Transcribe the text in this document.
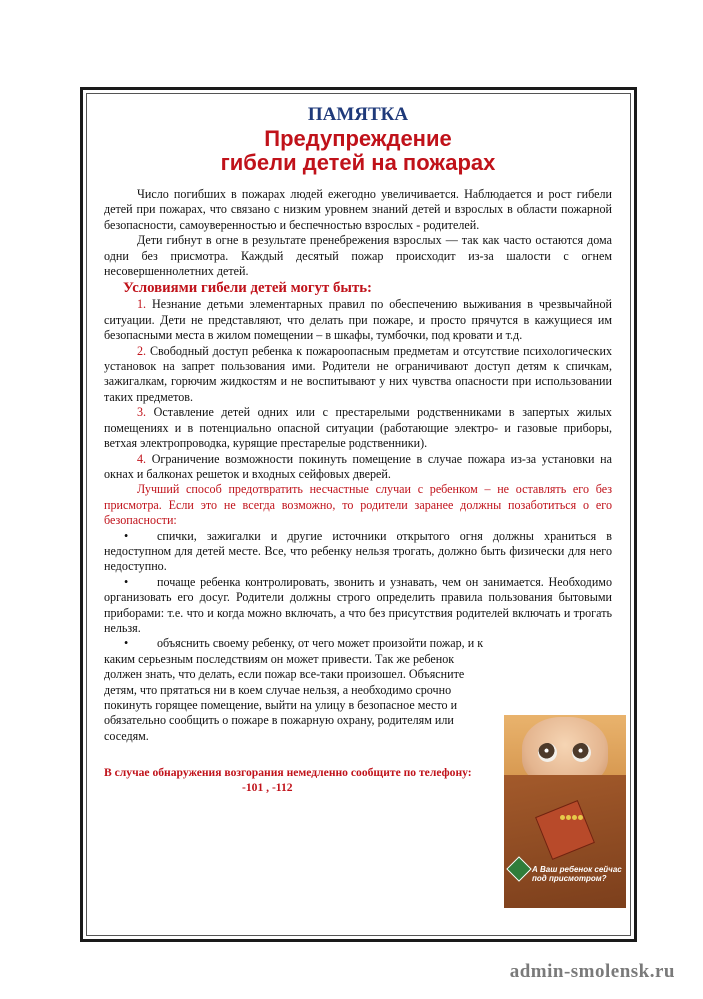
ПАМЯТКА
Предупреждение
гибели детей на пожарах

Число погибших в пожарах людей ежегодно увеличивается. Наблюдается и рост гибели детей при пожарах, что связано с низким уровнем знаний детей и взрослых в области пожарной безопасности, самоуверенностью и беспечностью взрослых - родителей.

Дети гибнут в огне в результате пренебрежения взрослых — так как часто остаются дома одни без присмотра. Каждый десятый пожар происходит из-за шалости с огнем несовершеннолетних детей.

Условиями гибели детей могут быть:

1. Незнание детьми элементарных правил по обеспечению выживания в чрезвычайной ситуации. Дети не представляют, что делать при пожаре, и просто прячутся в кажущиеся им безопасными места в жилом помещении – в шкафы, тумбочки, под кровати и т.д.

2. Свободный доступ ребенка к пожароопасным предметам и отсутствие психологических установок на запрет пользования ими. Родители не ограничивают доступ детям к спичкам, зажигалкам, горючим жидкостям и не воспитывают у них чувства опасности при использовании таких предметов.

3. Оставление детей одних или с престарелыми родственниками в запертых жилых помещениях и в потенциально опасной ситуации (работающие электро- и газовые приборы, ветхая электропроводка, курящие престарелые родственники).

4. Ограничение возможности покинуть помещение в случае пожара из-за установки на окнах и балконах решеток и входных сейфовых дверей.

Лучший способ предотвратить несчастные случаи с ребенком – не оставлять его без присмотра. Если это не всегда возможно, то родители заранее должны позаботиться о его безопасности:

• спички, зажигалки и другие источники открытого огня должны храниться в недоступном для детей месте. Все, что ребенку нельзя трогать, должно быть физически для него недоступно.

• почаще ребенка контролировать, звонить и узнавать, чем он занимается. Необходимо организовать его досуг. Родители должны строго определить правила пользования бытовыми приборами: т.е. что и когда можно включать, а что без присутствия родителей включать и трогать нельзя.

• объяснить своему ребенку, от чего может произойти пожар, и к каким серьезным последствиям он может привести. Так же ребенок должен знать, что делать, если пожар все-таки произошел. Объясните детям, что прятаться ни в коем случае нельзя, а необходимо срочно покинуть горящее помещение, выйти на улицу в безопасное место и обязательно сообщить о пожаре в пожарную охрану, родителям или соседям.

В случае обнаружения возгорания немедленно сообщите по телефону:
-101 , -112
А Ваш ребенок сейчас под присмотром?
admin-smolensk.ru
